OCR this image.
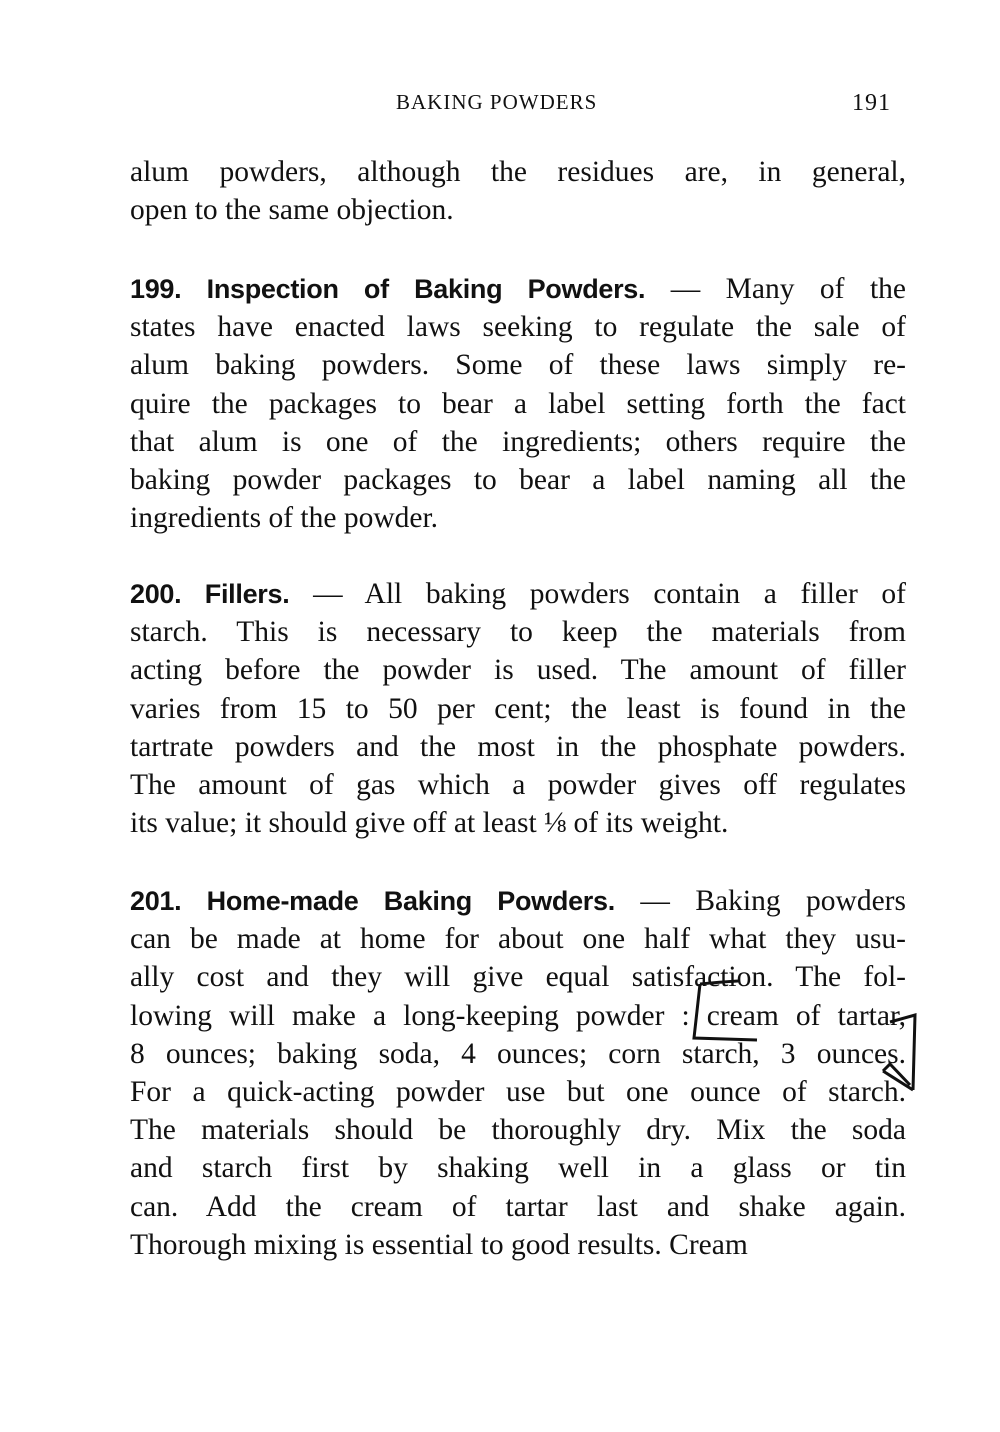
BAKING POWDERS	191
alum powders, although the residues are, in general,
open to the same objection.
199. Inspection of Baking Powders. — Many of the
states have enacted laws seeking to regulate the sale of
alum baking powders. Some of these laws simply re-
quire the packages to bear a label setting forth the fact
that alum is one of the ingredients; others require the
baking powder packages to bear a label naming all the
ingredients of the powder.
200. Fillers. — All baking powders contain a filler of
starch. This is necessary to keep the materials from
acting before the powder is used. The amount of filler
varies from 15 to 50 per cent; the least is found in the
tartrate powders and the most in the phosphate powders.
The amount of gas which a powder gives off regulates
its value; it should give off at least ⅛ of its weight.
201. Home-made Baking Powders. — Baking powders
can be made at home for about one half what they usu-
ally cost and they will give equal satisfaction. The fol-
lowing will make a long-keeping powder : cream of tartar,
8 ounces; baking soda, 4 ounces; corn starch, 3 ounces.
For a quick-acting powder use but one ounce of starch.
The materials should be thoroughly dry. Mix the soda
and starch first by shaking well in a glass or tin
can. Add the cream of tartar last and shake again.
Thorough mixing is essential to good results. Cream
